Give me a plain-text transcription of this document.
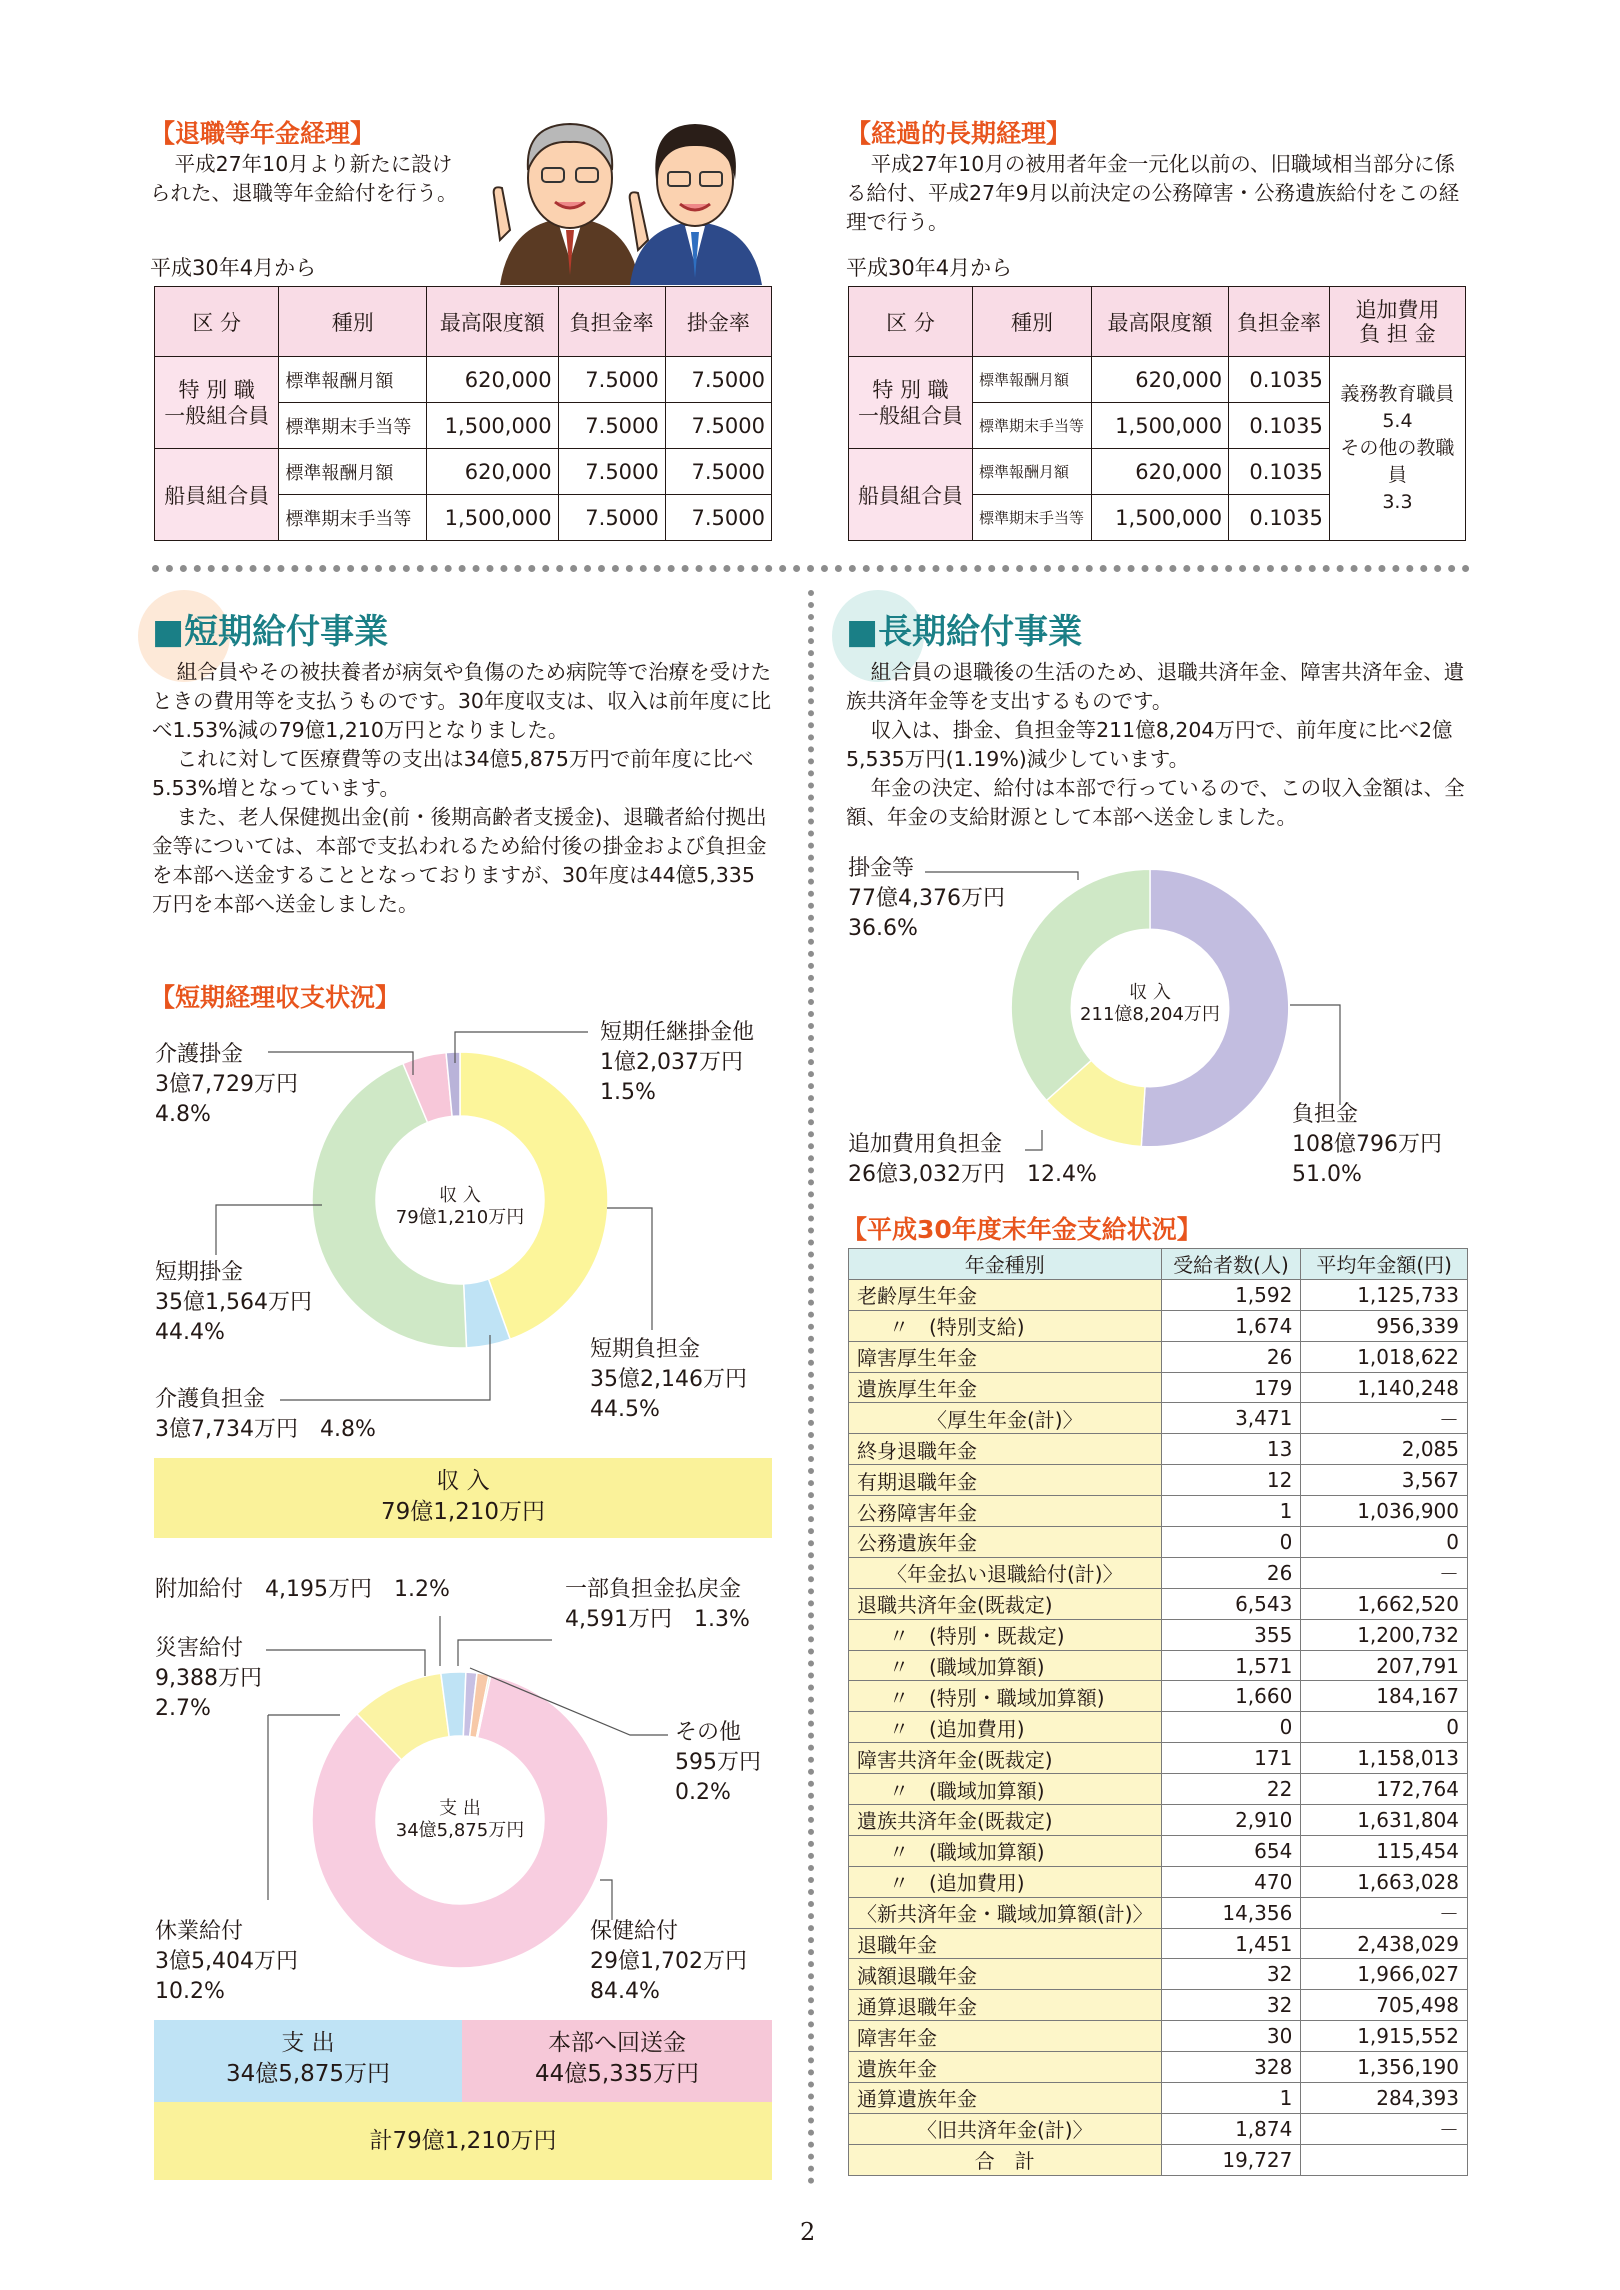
【退職等年金経理】

平成27年10月より新たに設けられた、退職等年金給付を行う。

平成30年4月から
区 分	種別	最高限度額	負担金率	掛金率
特 別 職
一般組合員	標準報酬月額	620,000	7.5000	7.5000
	標準期末手当等	1,500,000	7.5000	7.5000
船員組合員	標準報酬月額	620,000	7.5000	7.5000
	標準期末手当等	1,500,000	7.5000	7.5000
【経過的長期経理】

平成27年10月の被用者年金一元化以前の、旧職域相当部分に係る給付、平成27年9月以前決定の公務障害・公務遺族給付をこの経理で行う。

平成30年4月から
区 分	種別	最高限度額	負担金率	追加費用
負 担 金
特 別 職
一般組合員	標準報酬月額	620,000	0.1035	義務教育職員
5.4
その他の教職員
3.3
	標準期末手当等	1,500,000	0.1035	
船員組合員	標準報酬月額	620,000	0.1035	
	標準期末手当等	1,500,000	0.1035	
■短期給付事業

組合員やその被扶養者が病気や負傷のため病院等で治療を受けたときの費用等を支払うものです。30年度収支は、収入は前年度に比べ1.53%減の79億1,210万円となりました。

これに対して医療費等の支出は34億5,875万円で前年度に比べ5.53%増となっています。

また、老人保健拠出金(前・後期高齢者支援金)、退職者給付拠出金等については、本部で支払われるため給付後の掛金および負担金を本部へ送金することとなっておりますが、30年度は44億5,335万円を本部へ送金しました。

【短期経理収支状況】
収 入
79億1,210万円
短期任継掛金他
1億2,037万円
1.5%
介護掛金
3億7,729万円
4.8%
短期掛金
35億1,564万円
44.4%
介護負担金
3億7,734万円　4.8%
短期負担金
35億2,146万円
44.5%
収 入
79億1,210万円
支 出
34億5,875万円
附加給付　4,195万円　1.2%	一部負担金払戻金
4,591万円　1.3%
災害給付
9,388万円
2.7%
その他
595万円
0.2%
休業給付
3億5,404万円
10.2%
保健給付
29億1,702万円
84.4%
支 出
34億5,875万円
本部へ回送金
44億5,335万円
計79億1,210万円
■長期給付事業

組合員の退職後の生活のため、退職共済年金、障害共済年金、遺族共済年金等を支出するものです。

収入は、掛金、負担金等211億8,204万円で、前年度に比べ2億5,535万円(1.19%)減少しています。

年金の決定、給付は本部で行っているので、この収入金額は、全額、年金の支給財源として本部へ送金しました。

収 入
211億8,204万円
掛金等
77億4,376万円
36.6%
追加費用負担金
26億3,032万円　12.4%
負担金
108億796万円
51.0%
【平成30年度末年金支給状況】
年金種別	受給者数(人)	平均年金額(円)
老齢厚生年金	1,592	1,125,733
〃　(特別支給)	1,674	956,339
障害厚生年金	26	1,018,622
遺族厚生年金	179	1,140,248
〈厚生年金(計)〉	3,471	－
終身退職年金	13	2,085
有期退職年金	12	3,567
公務障害年金	1	1,036,900
公務遺族年金	0	0
〈年金払い退職給付(計)〉	26	－
退職共済年金(既裁定)	6,543	1,662,520
〃　(特別・既裁定)	355	1,200,732
〃　(職域加算額)	1,571	207,791
〃　(特別・職域加算額)	1,660	184,167
〃　(追加費用)	0	0
障害共済年金(既裁定)	171	1,158,013
〃　(職域加算額)	22	172,764
遺族共済年金(既裁定)	2,910	1,631,804
〃　(職域加算額)	654	115,454
〃　(追加費用)	470	1,663,028
〈新共済年金・職域加算額(計)〉	14,356	－
退職年金	1,451	2,438,029
減額退職年金	32	1,966,027
通算退職年金	32	705,498
障害年金	30	1,915,552
遺族年金	328	1,356,190
通算遺族年金	1	284,393
〈旧共済年金(計)〉	1,874	－
合　計	19,727	
2
